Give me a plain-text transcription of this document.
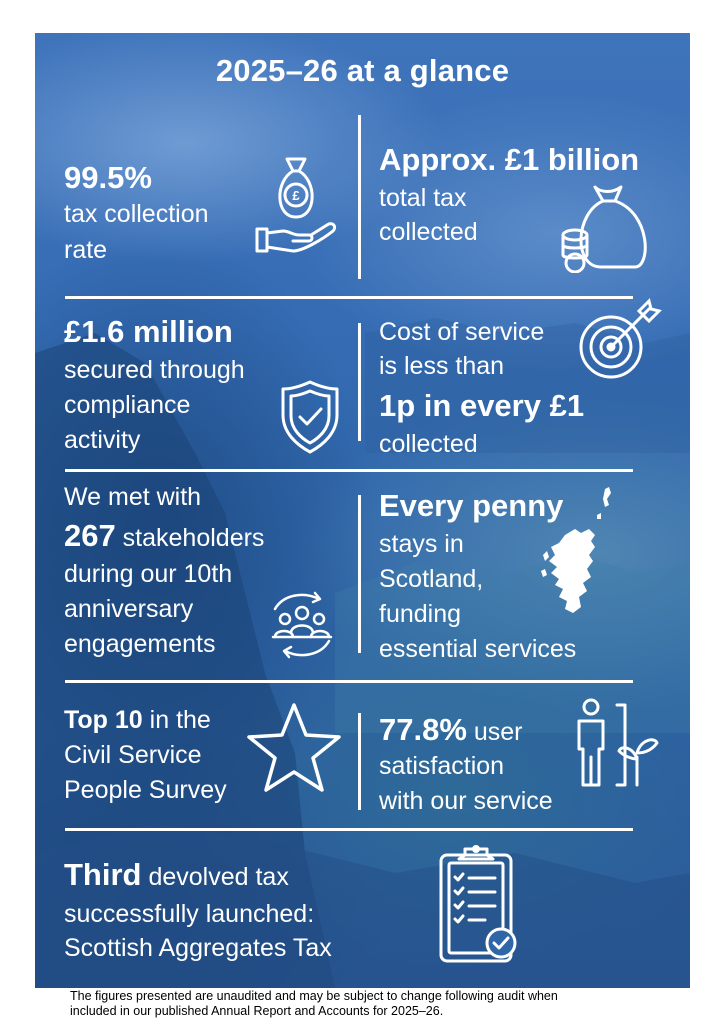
2025–26 at a glance
99.5%
tax collection
rate
£
Approx. £1 billion
total tax
collected
£1.6 million
secured through
compliance
activity
Cost of service
is less than
1p in every £1
collected
We met with
267 stakeholders
during our 10th
anniversary
engagements
Every penny
stays in
Scotland,
funding
essential services
Top 10 in the
Civil Service
People Survey
77.8% user
satisfaction
with our service
Third devolved tax
successfully launched:
Scottish Aggregates Tax
The figures presented are unaudited and may be subject to change following audit when
included in our published Annual Report and Accounts for 2025–26.
